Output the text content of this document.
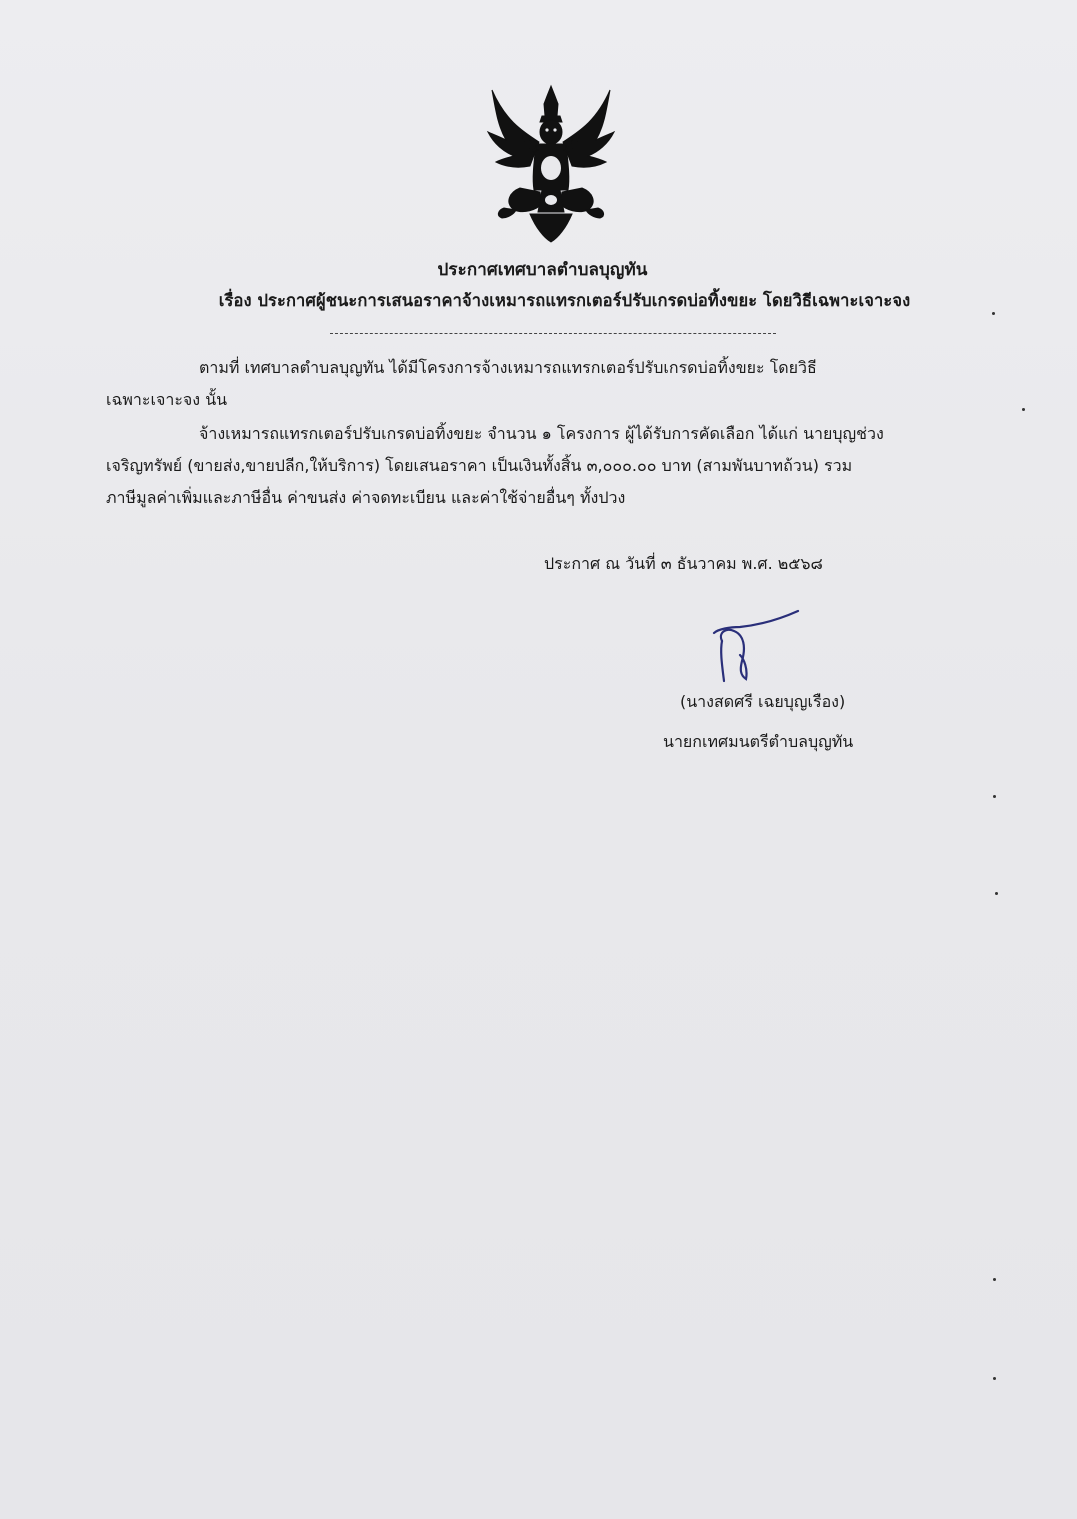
ประกาศเทศบาลตำบลบุญทัน
เรื่อง ประกาศผู้ชนะการเสนอราคาจ้างเหมารถแทรกเตอร์ปรับเกรดบ่อทิ้งขยะ โดยวิธีเฉพาะเจาะจง
ตามที่ เทศบาลตำบลบุญทัน ได้มีโครงการจ้างเหมารถแทรกเตอร์ปรับเกรดบ่อทิ้งขยะ โดยวิธี
เฉพาะเจาะจง นั้น
จ้างเหมารถแทรกเตอร์ปรับเกรดบ่อทิ้งขยะ จำนวน ๑ โครงการ ผู้ได้รับการคัดเลือก ได้แก่ นายบุญช่วง
เจริญทรัพย์ (ขายส่ง,ขายปลีก,ให้บริการ) โดยเสนอราคา เป็นเงินทั้งสิ้น ๓,๐๐๐.๐๐ บาท (สามพันบาทถ้วน) รวม
ภาษีมูลค่าเพิ่มและภาษีอื่น ค่าขนส่ง ค่าจดทะเบียน และค่าใช้จ่ายอื่นๆ ทั้งปวง
ประกาศ ณ วันที่ ๓ ธันวาคม พ.ศ. ๒๕๖๘
(นางสดศรี เฉยบุญเรือง)
นายกเทศมนตรีตำบลบุญทัน
